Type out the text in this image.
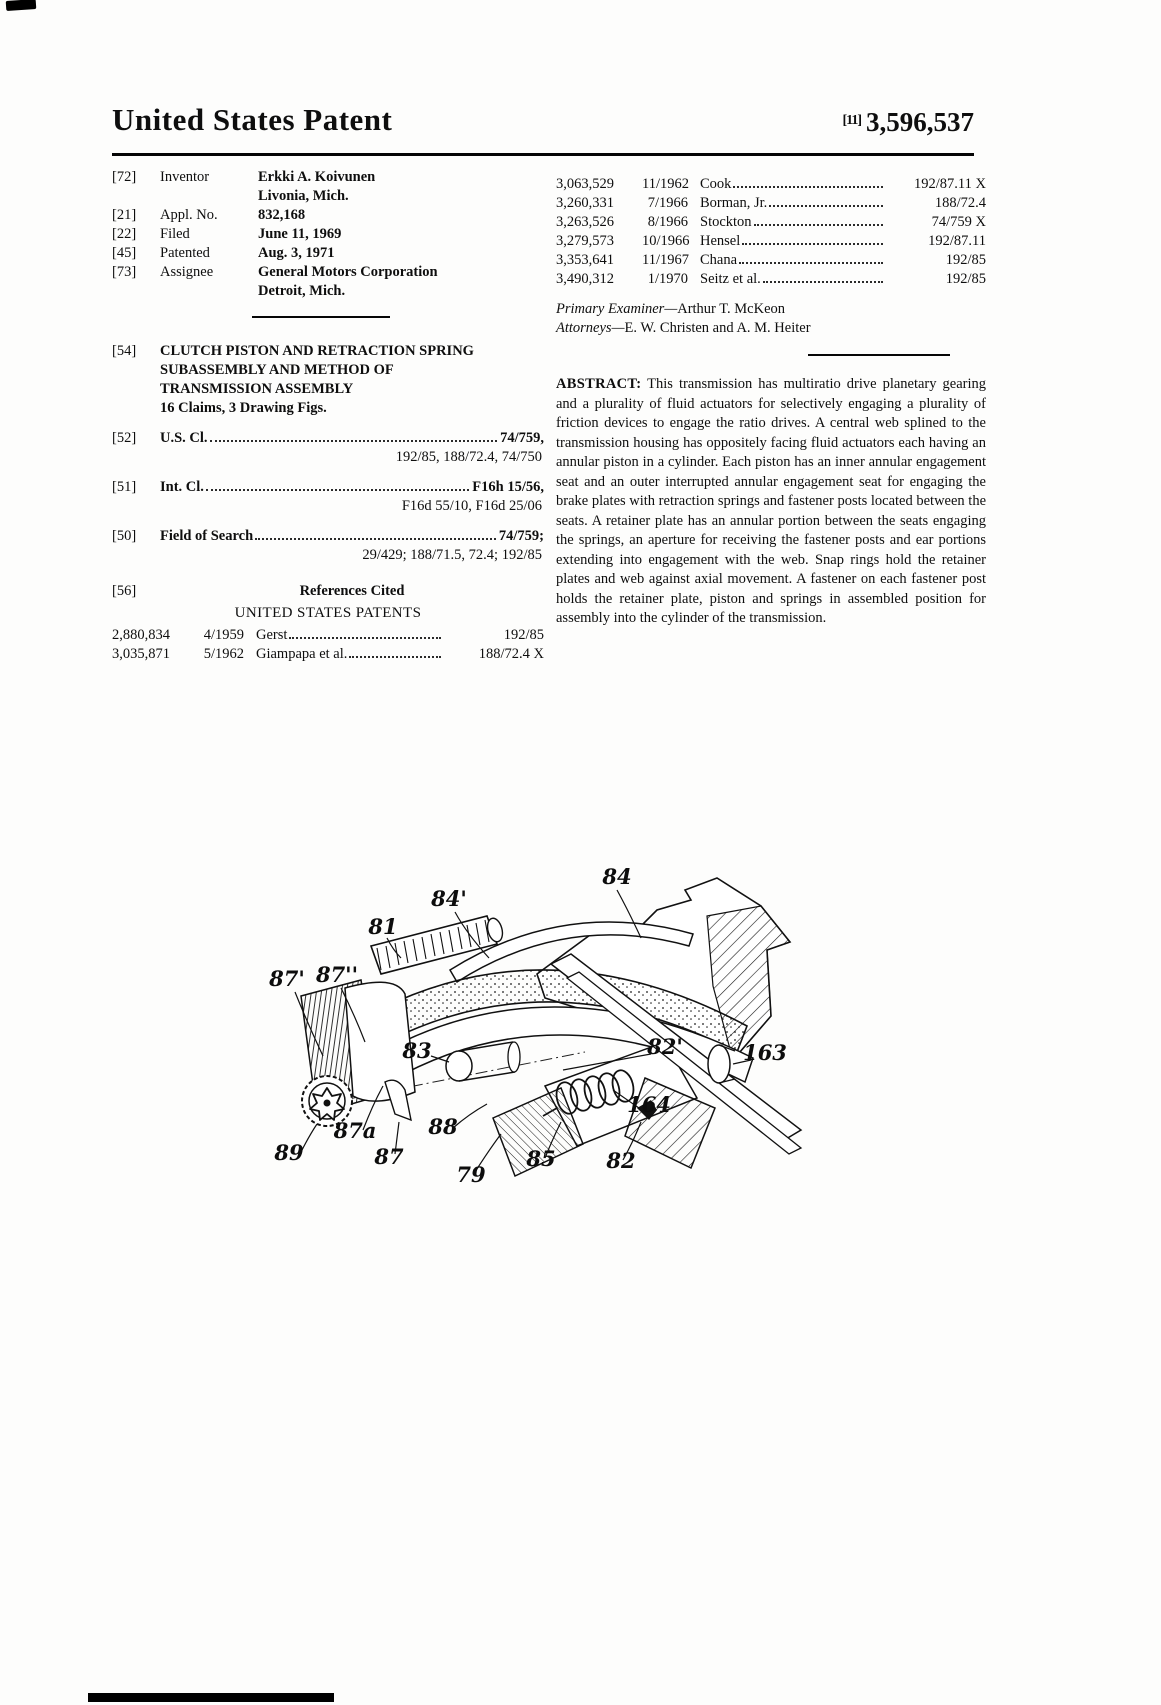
United States Patent	[11] 3,596,537
[72]	Inventor	Erkki A. Koivunen
Livonia, Mich.
[21]	Appl. No.	832,168
[22]	Filed	June 11, 1969
[45]	Patented	Aug. 3, 1971
[73]	Assignee	General Motors Corporation
Detroit, Mich.
[54]	CLUTCH PISTON AND RETRACTION SPRING
SUBASSEMBLY AND METHOD OF
TRANSMISSION ASSEMBLY
16 Claims, 3 Drawing Figs.
[52]	U.S. Cl.	74/759,
192/85, 188/72.4, 74/750
[51]	Int. Cl.	F16h 15/56,
F16d 55/10, F16d 25/06
[50]	Field of Search	74/759;
29/429; 188/71.5, 72.4; 192/85
[56]	References Cited
UNITED STATES PATENTS
2,880,834	4/1959 Gerst	192/85
3,035,871	5/1962 Giampapa et al.	188/72.4 X
3,063,529	11/1962 Cook	192/87.11 X
3,260,331	7/1966 Borman, Jr.	188/72.4
3,263,526	8/1966 Stockton	74/759 X
3,279,573	10/1966 Hensel	192/87.11
3,353,641	11/1967 Chana	192/85
3,490,312	1/1970 Seitz et al.	192/85
Primary Examiner—Arthur T. McKeon
Attorneys—E. W. Christen and A. M. Heiter
ABSTRACT: This transmission has multiratio drive planetary gearing and a plurality of fluid actuators for selectively engaging a plurality of friction devices to engage the ratio drives. A central web splined to the transmission housing has oppositely facing fluid actuators each having an annular piston in a cylinder. Each piston has an inner annular engagement seat and an outer interrupted annular engagement seat for engaging the brake plates with retraction springs and fastener posts located between the seats. A retainer plate has an annular portion between the seats engaging the springs, an aperture for receiving the fastener posts and ear portions extending into engagement with the web. Snap rings hold the retainer plates and web against axial movement. A fastener on each fastener post holds the retainer plate, piston and springs in assembled position for assembly into the cylinder of the transmission.
84'
84
81
87' 87''
83	82'	163
164
87a 88
89	87
79
85 82
